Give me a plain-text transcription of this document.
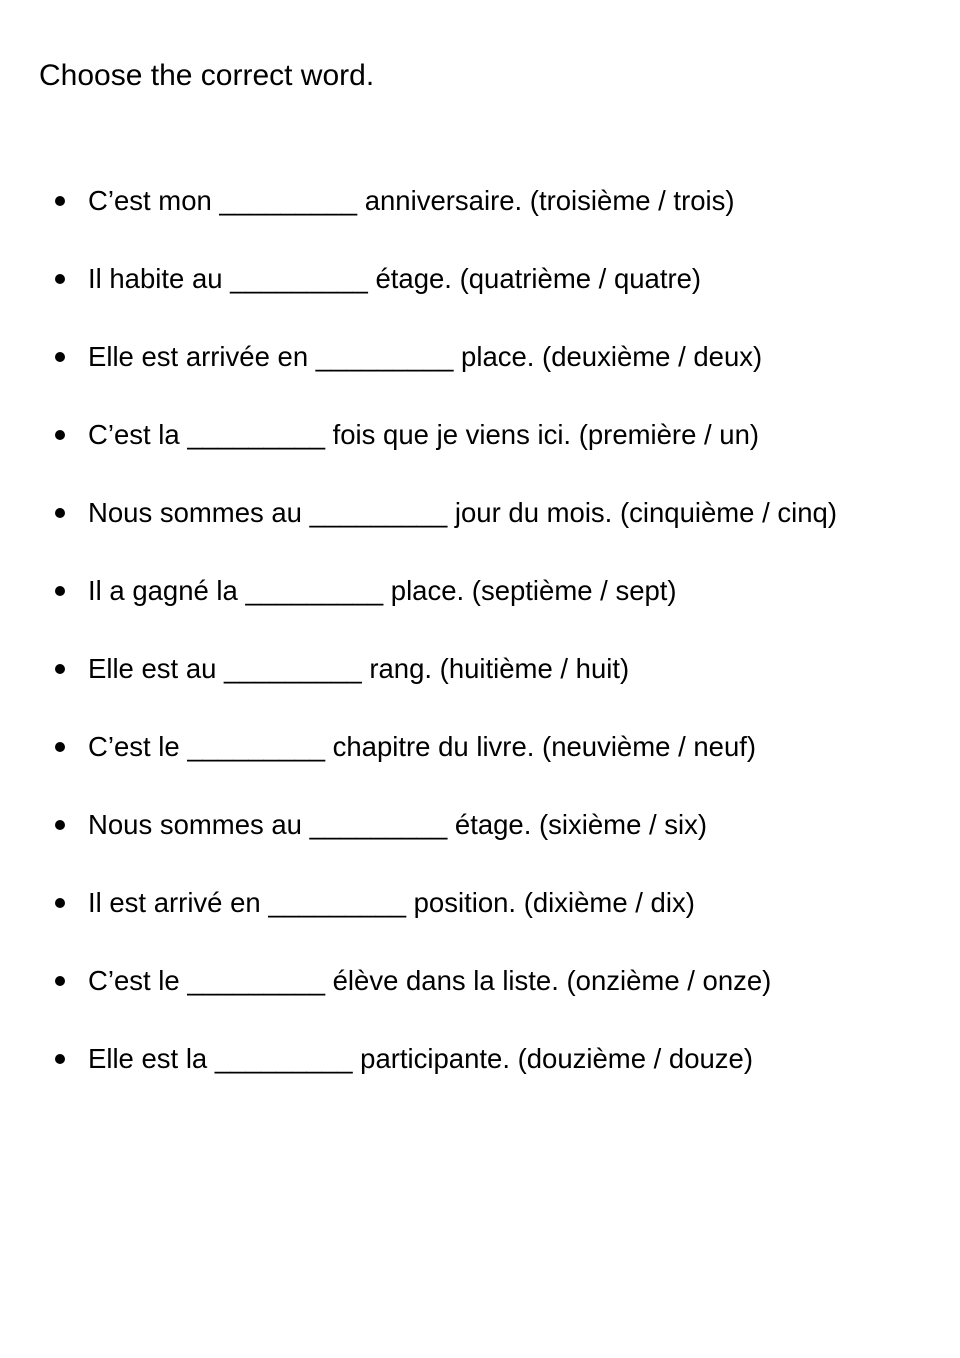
Choose the correct word.
C’est mon _________ anniversaire. (troisième / trois)
Il habite au _________ étage. (quatrième / quatre)
Elle est arrivée en _________ place. (deuxième / deux)
C’est la _________ fois que je viens ici. (première / un)
Nous sommes au _________ jour du mois. (cinquième / cinq)
Il a gagné la _________ place. (septième / sept)
Elle est au _________ rang. (huitième / huit)
C’est le _________ chapitre du livre. (neuvième / neuf)
Nous sommes au _________ étage. (sixième / six)
Il est arrivé en _________ position. (dixième / dix)
C’est le _________ élève dans la liste. (onzième / onze)
Elle est la _________ participante. (douzième / douze)
